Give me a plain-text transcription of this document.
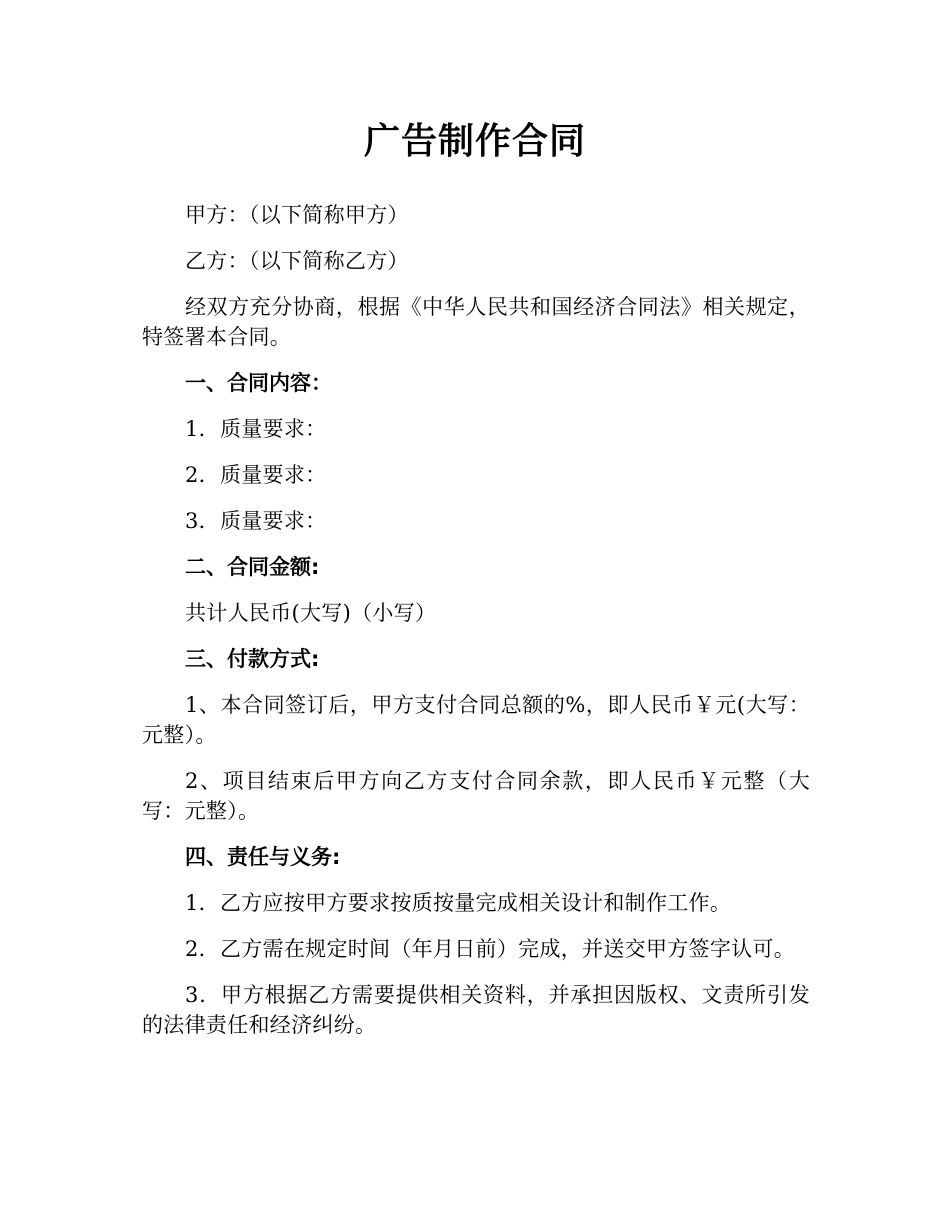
广告制作合同

甲方：（以下简称甲方）

乙方：（以下简称乙方）

经双方充分协商，根据《中华人民共和国经济合同法》相关规定，特签署本合同。

一、合同内容：

1．质量要求：

2．质量要求：

3．质量要求：

二、合同金额:

共计人民币(大写)（小写）

三、付款方式:

1、本合同签订后，甲方支付合同总额的%，即人民币￥元(大写：元整）。

2、项目结束后甲方向乙方支付合同余款，即人民币￥元整（大写：元整）。

四、责任与义务:

1．乙方应按甲方要求按质按量完成相关设计和制作工作。

2．乙方需在规定时间（年月日前）完成，并送交甲方签字认可。

3．甲方根据乙方需要提供相关资料，并承担因版权、文责所引发的法律责任和经济纠纷。
